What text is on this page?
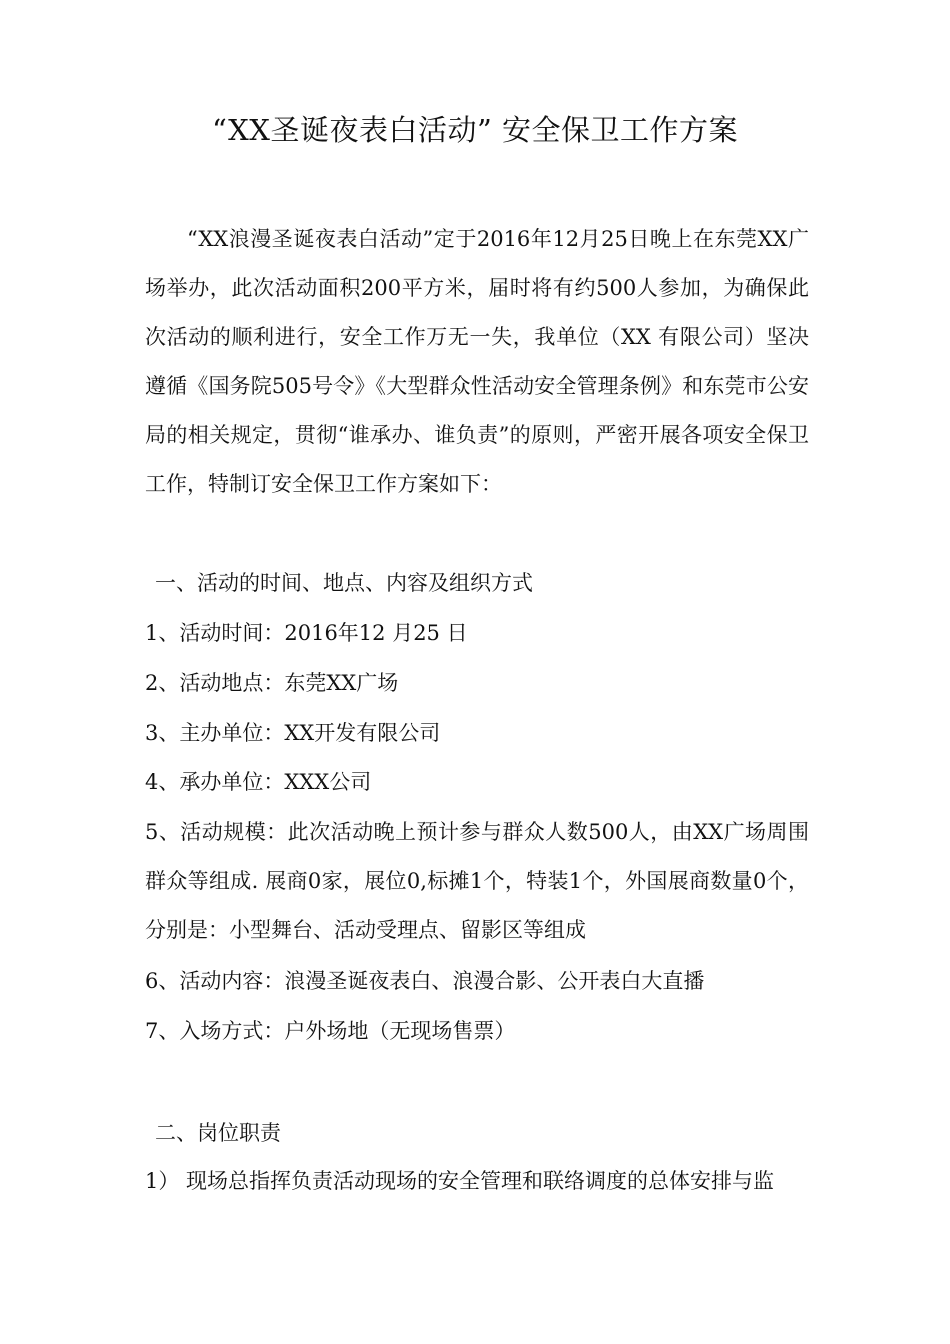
“XX圣诞夜表白活动” 安全保卫工作方案
“XX浪漫圣诞夜表白活动”定于2016年12月25日晚上在东莞XX广场举办，此次活动面积200平方米，届时将有约500人参加，为确保此次活动的顺利进行，安全工作万无一失，我单位（XX 有限公司）坚决遵循《国务院505号令》《大型群众性活动安全管理条例》和东莞市公安局的相关规定，贯彻“谁承办、谁负责”的原则，严密开展各项安全保卫工作，特制订安全保卫工作方案如下：
一、活动的时间、地点、内容及组织方式
1、活动时间：2016年12 月25 日
2、活动地点：东莞XX广场
3、主办单位：XX开发有限公司
4、承办单位：XXX公司
5、活动规模：此次活动晚上预计参与群众人数500人，由XX广场周围群众等组成. 展商0家，展位0,标摊1个，特装1个，外国展商数量0个，分别是：小型舞台、活动受理点、留影区等组成
6、活动内容：浪漫圣诞夜表白、浪漫合影、公开表白大直播
7、入场方式：户外场地（无现场售票）
二、岗位职责
1） 现场总指挥负责活动现场的安全管理和联络调度的总体安排与监
